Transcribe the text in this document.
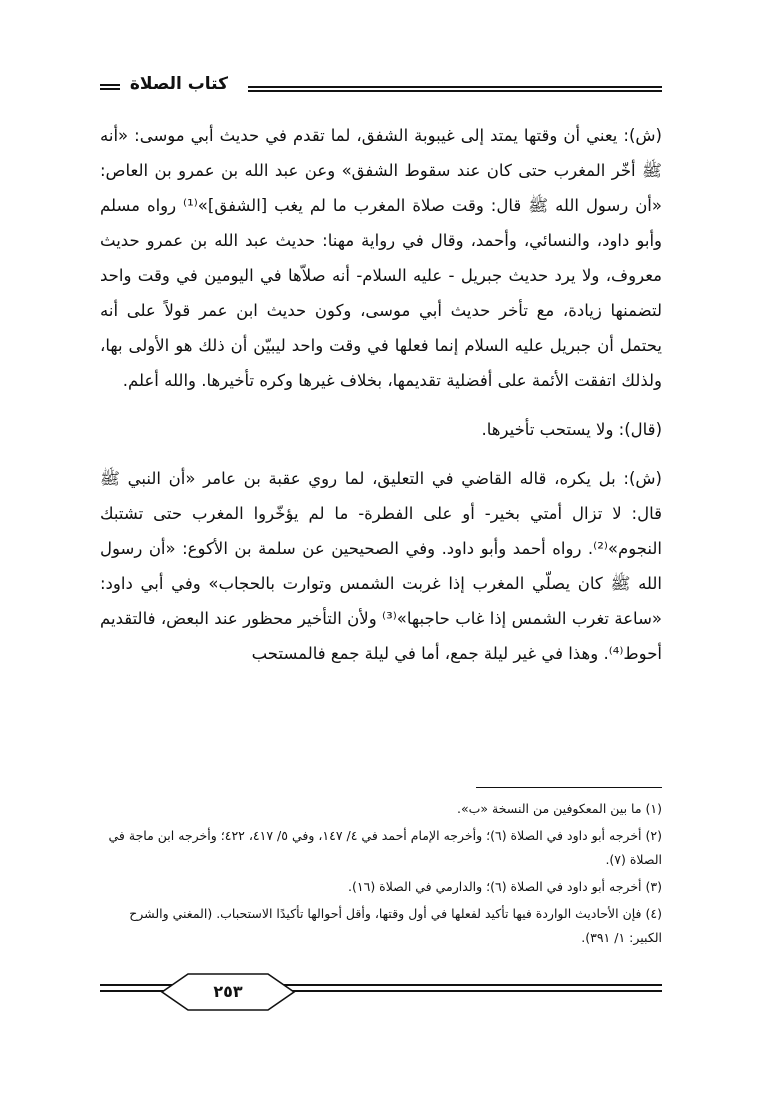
كتاب الصلاة

(ش): يعني أن وقتها يمتد إلى غيبوبة الشفق، لما تقدم في حديث أبي موسى: «أنه ﷺ أخّر المغرب حتى كان عند سقوط الشفق» وعن عبد الله بن عمرو بن العاص: «أن رسول الله ﷺ قال: وقت صلاة المغرب ما لم يغب [الشفق]»⁽¹⁾ رواه مسلم وأبو داود، والنسائي، وأحمد، وقال في رواية مهنا: حديث عبد الله بن عمرو حديث معروف، ولا يرد حديث جبريل - عليه السلام- أنه صلاّها في اليومين في وقت واحد لتضمنها زيادة، مع تأخر حديث أبي موسى، وكون حديث ابن عمر قولاً على أنه يحتمل أن جبريل عليه السلام إنما فعلها في وقت واحد ليبيّن أن ذلك هو الأولى بها، ولذلك اتفقت الأئمة على أفضلية تقديمها، بخلاف غيرها وكره تأخيرها. والله أعلم.

(قال): ولا يستحب تأخيرها.

(ش): بل يكره، قاله القاضي في التعليق، لما روي عقبة بن عامر «أن النبي ﷺ قال: لا تزال أمتي بخير- أو على الفطرة- ما لم يؤخّروا المغرب حتى تشتبك النجوم»⁽²⁾. رواه أحمد وأبو داود. وفي الصحيحين عن سلمة بن الأكوع: «أن رسول الله ﷺ كان يصلّي المغرب إذا غربت الشمس وتوارت بالحجاب» وفي أبي داود: «ساعة تغرب الشمس إذا غاب حاجبها»⁽³⁾ ولأن التأخير محظور عند البعض، فالتقديم أحوط⁽⁴⁾. وهذا في غير ليلة جمع، أما في ليلة جمع فالمستحب

(١) ما بين المعكوفين من النسخة «ب».

(٢) أخرجه أبو داود في الصلاة (٦)؛ وأخرجه الإمام أحمد في ٤/ ١٤٧، وفي ٥/ ٤١٧، ٤٢٢؛ وأخرجه ابن ماجة في الصلاة (٧).

(٣) أخرجه أبو داود في الصلاة (٦)؛ والدارمي في الصلاة (١٦).

(٤) فإن الأحاديث الواردة فيها تأكيد لفعلها في أول وقتها، وأقل أحوالها تأكيدًا الاستحباب. (المغني والشرح الكبير: ١/ ٣٩١).

٢٥٣
